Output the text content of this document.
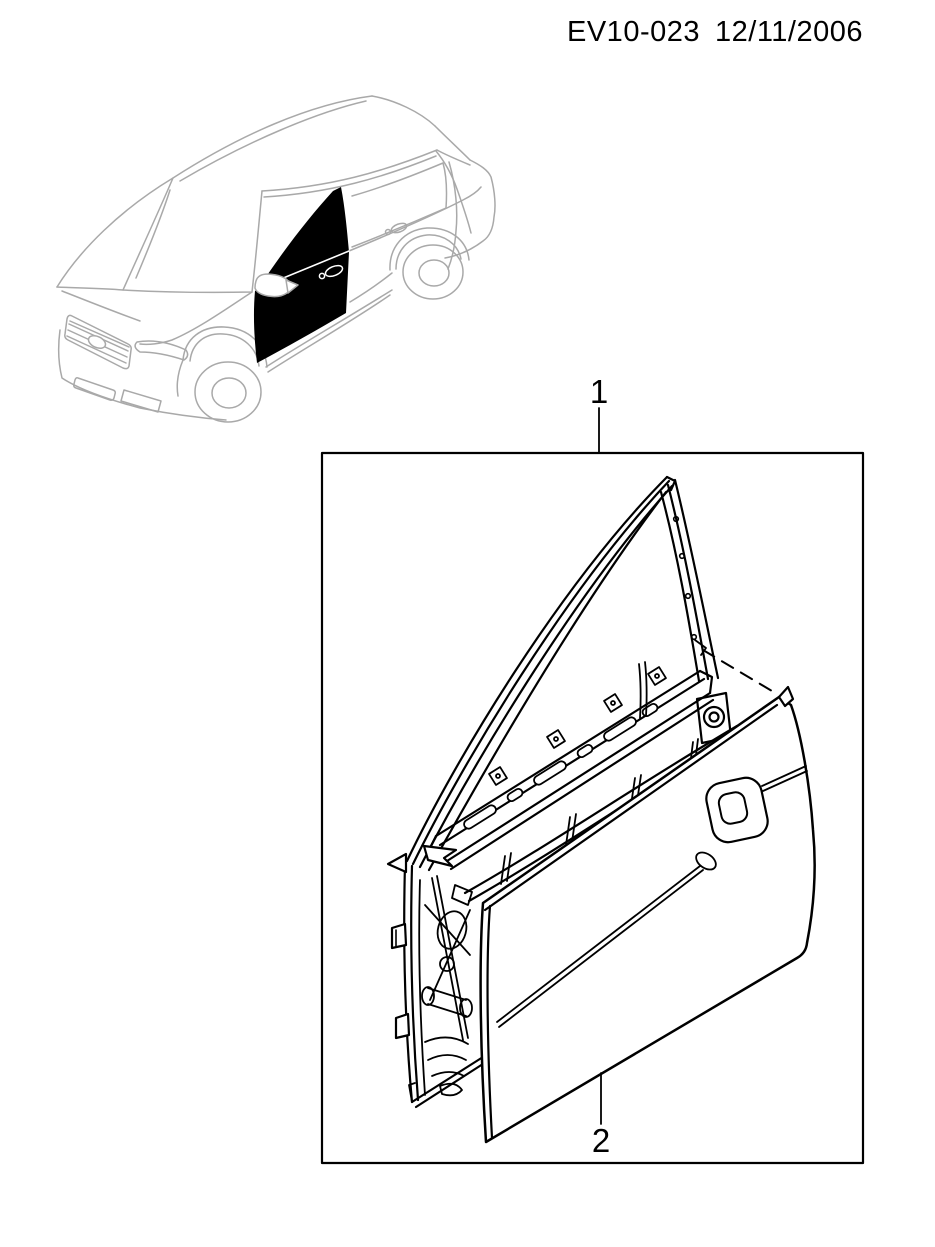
EV10-023 12/11/2006
1
2
